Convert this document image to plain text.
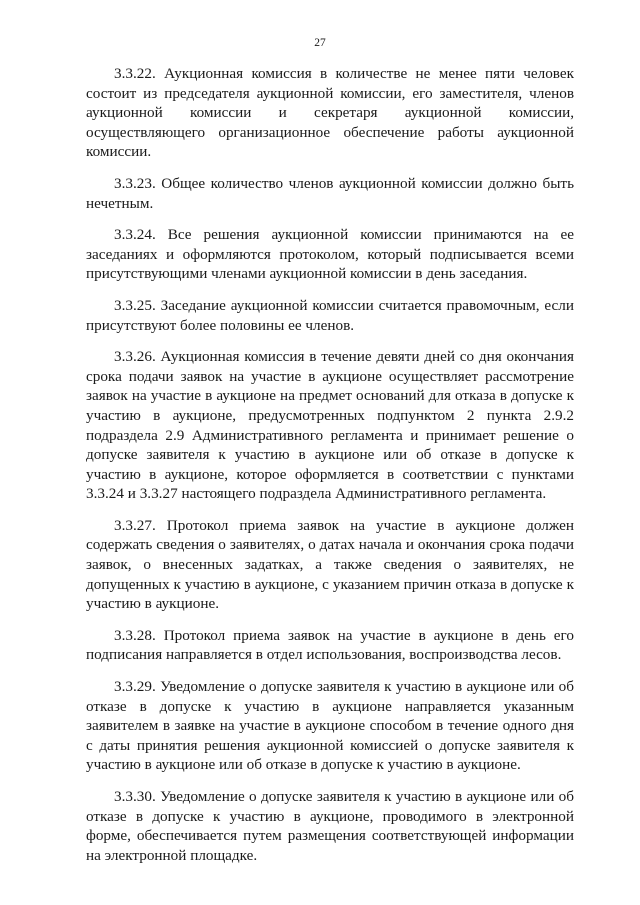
27

3.3.22. Аукционная комиссия в количестве не менее пяти человек состоит из председателя аукционной комиссии, его заместителя, членов аукционной комиссии и секретаря аукционной комиссии, осуществляющего организационное обеспечение работы аукционной комиссии.

3.3.23. Общее количество членов аукционной комиссии должно быть нечетным.

3.3.24. Все решения аукционной комиссии принимаются на ее заседаниях и оформляются протоколом, который подписывается всеми присутствующими членами аукционной комиссии в день заседания.

3.3.25. Заседание аукционной комиссии считается правомочным, если присутствуют более половины ее членов.

3.3.26. Аукционная комиссия в течение девяти дней со дня окончания срока подачи заявок на участие в аукционе осуществляет рассмотрение заявок на участие в аукционе на предмет оснований для отказа в допуске к участию в аукционе, предусмотренных подпунктом 2 пункта 2.9.2 подраздела 2.9 Административного регламента и принимает решение о допуске заявителя к участию в аукционе или об отказе в допуске к участию в аукционе, которое оформляется в соответствии с пунктами 3.3.24 и 3.3.27 настоящего подраздела Административного регламента.

3.3.27. Протокол приема заявок на участие в аукционе должен содержать сведения о заявителях, о датах начала и окончания срока подачи заявок, о внесенных задатках, а также сведения о заявителях, не допущенных к участию в аукционе, с указанием причин отказа в допуске к участию в аукционе.

3.3.28. Протокол приема заявок на участие в аукционе в день его подписания направляется в отдел использования, воспроизводства лесов.

3.3.29. Уведомление о допуске заявителя к участию в аукционе или об отказе в допуске к участию в аукционе направляется указанным заявителем в заявке на участие в аукционе способом в течение одного дня с даты принятия решения аукционной комиссией о допуске заявителя к участию в аукционе или об отказе в допуске к участию в аукционе.

3.3.30. Уведомление о допуске заявителя к участию в аукционе или об отказе в допуске к участию в аукционе, проводимого в электронной форме, обеспечивается путем размещения соответствующей информации на электронной площадке.
